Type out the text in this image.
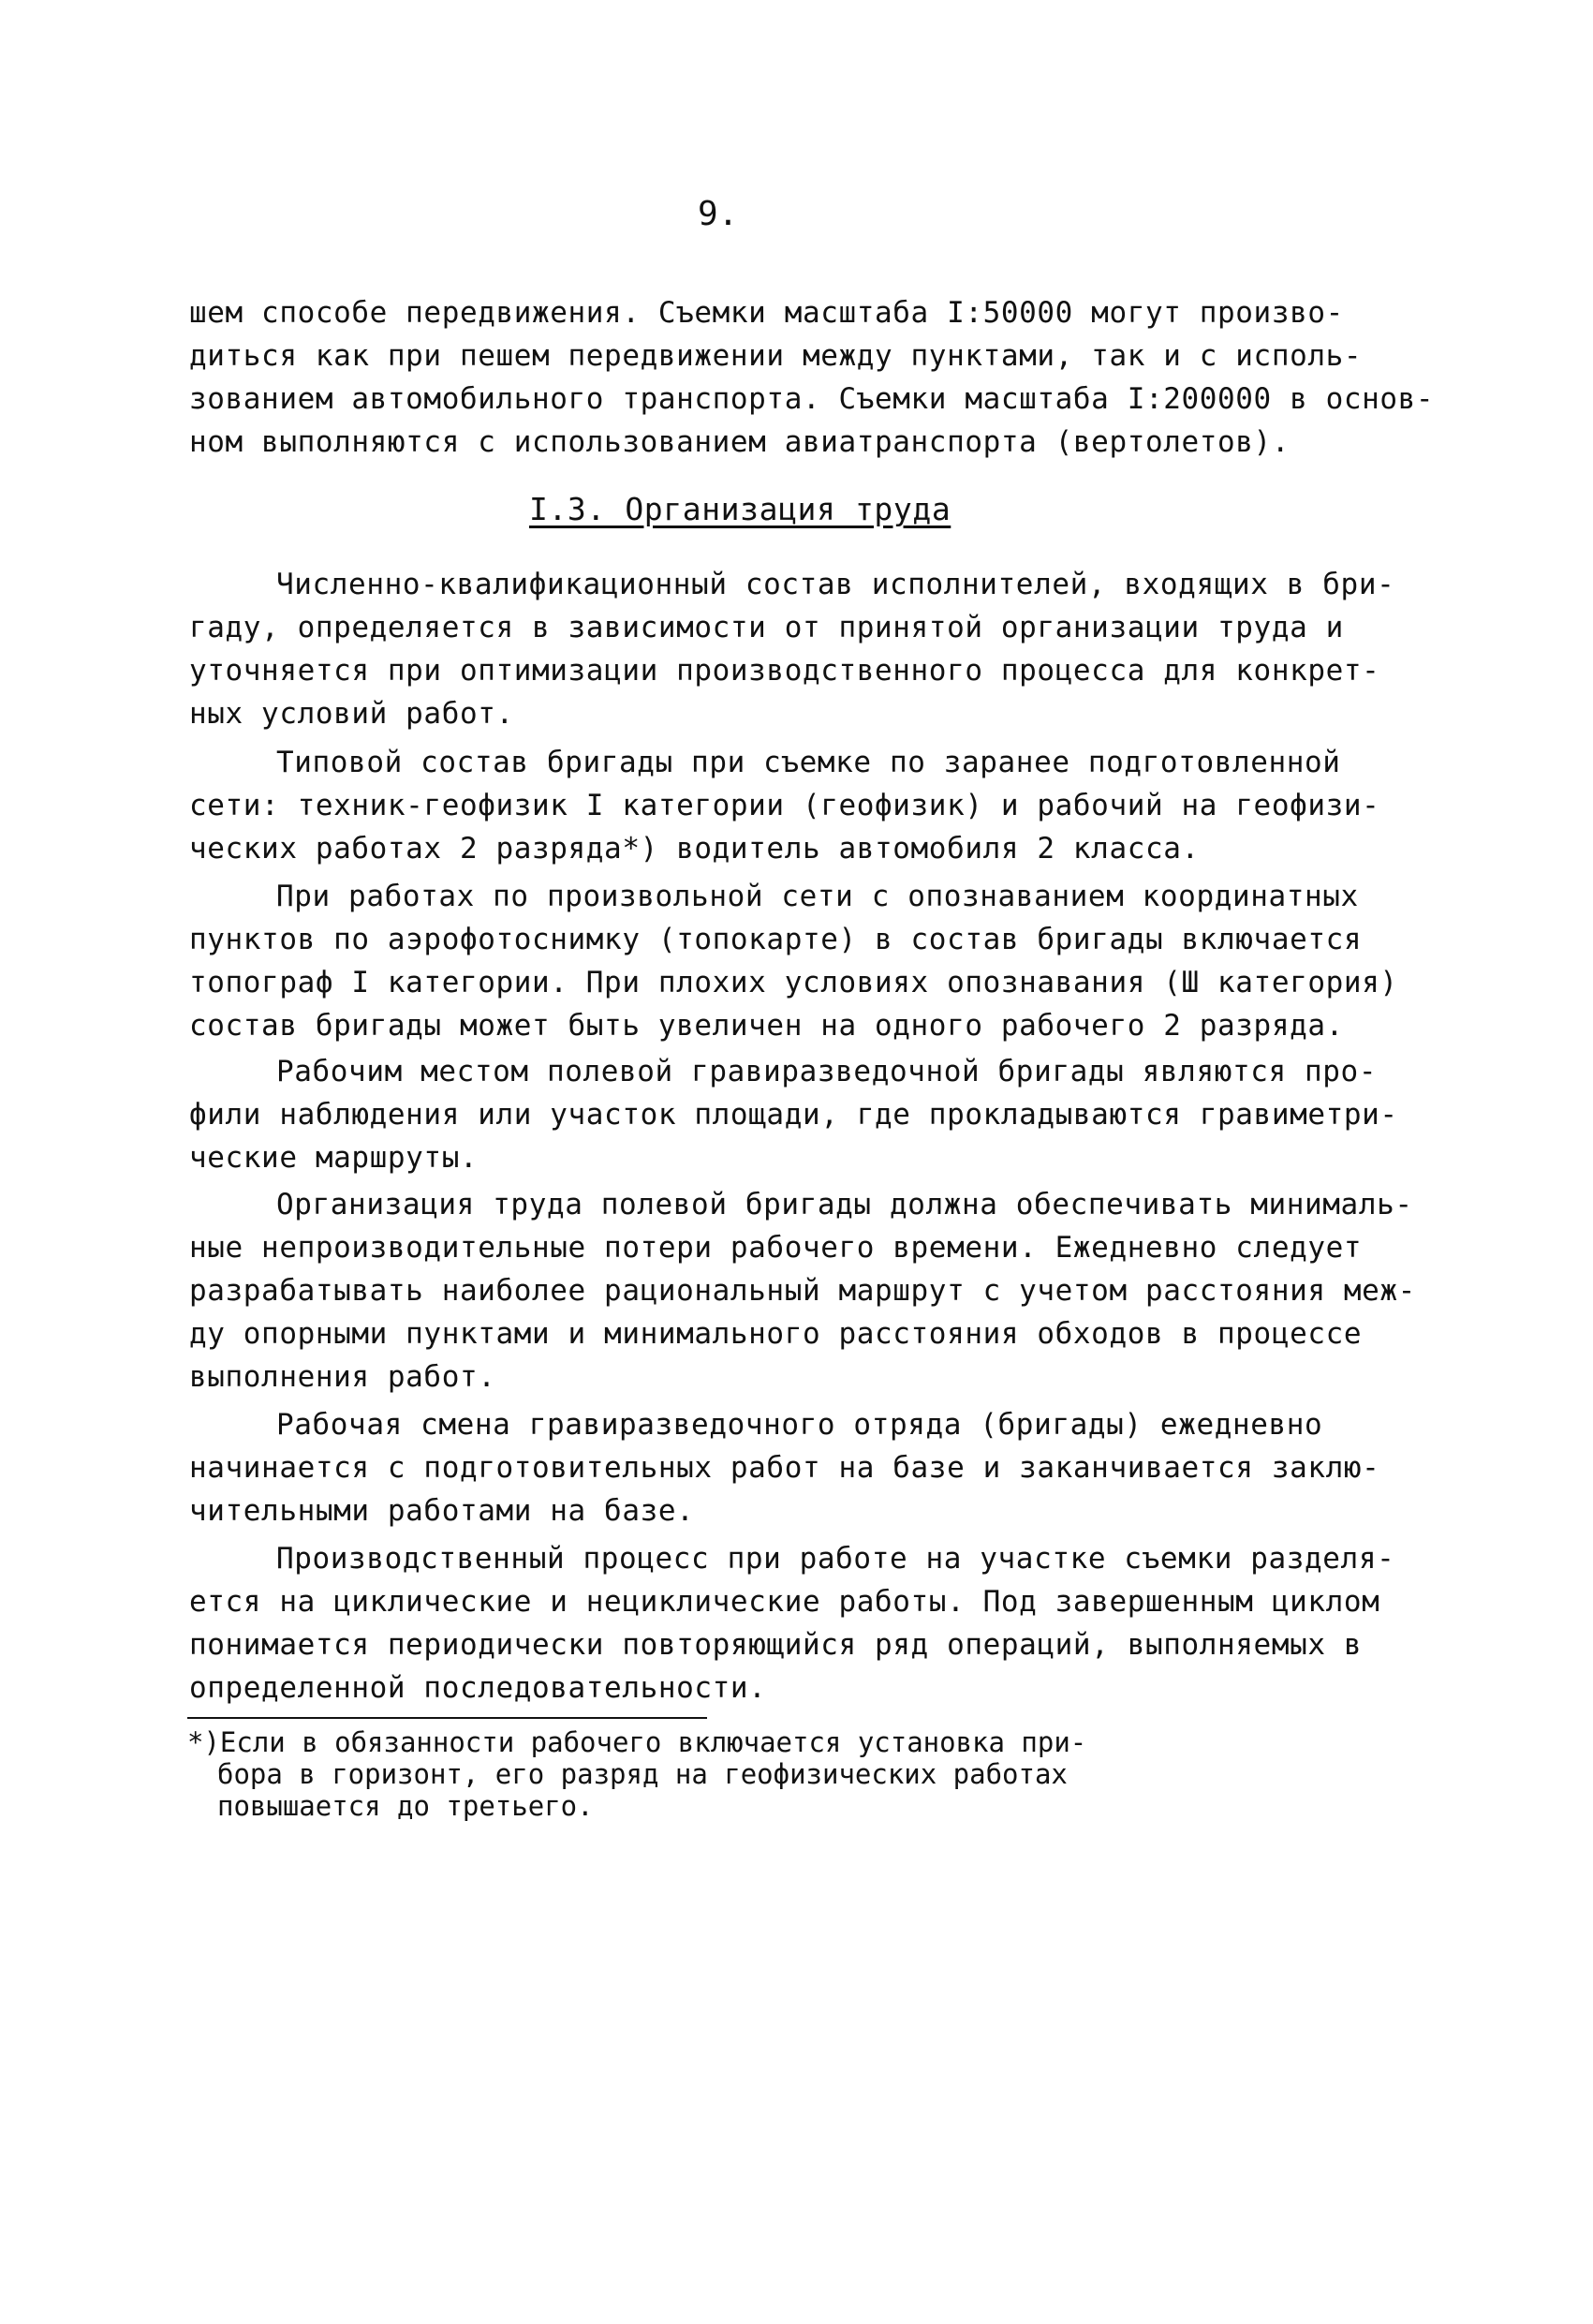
9.
шем способе передвижения. Съемки масштаба I:50000 могут произво-
диться как при пешем передвижении между пунктами, так и с исполь-
зованием автомобильного транспорта. Съемки масштаба I:200000 в основ-
ном выполняются с использованием авиатранспорта (вертолетов).
I.3. Организация труда
Численно-квалификационный состав исполнителей, входящих в бри-
гаду, определяется в зависимости от принятой организации труда и
уточняется при оптимизации производственного процесса для конкрет-
ных условий работ.
Типовой состав бригады при съемке по заранее подготовленной
сети: техник-геофизик I категории (геофизик) и рабочий на геофизи-
ческих работах 2 разряда*) водитель автомобиля 2 класса.
При работах по произвольной сети с опознаванием координатных
пунктов по аэрофотоснимку (топокарте) в состав бригады включается
топограф I категории. При плохих условиях опознавания (Ш категория)
состав бригады может быть увеличен на одного рабочего 2 разряда.
Рабочим местом полевой гравиразведочной бригады являются про-
фили наблюдения или участок площади, где прокладываются гравиметри-
ческие маршруты.
Организация труда полевой бригады должна обеспечивать минималь-
ные непроизводительные потери рабочего времени. Ежедневно следует
разрабатывать наиболее рациональный маршрут с учетом расстояния меж-
ду опорными пунктами и минимального расстояния обходов в процессе
выполнения работ.
Рабочая смена гравиразведочного отряда (бригады) ежедневно
начинается с подготовительных работ на базе и заканчивается заклю-
чительными работами на базе.
Производственный процесс при работе на участке съемки разделя-
ется на циклические и нециклические работы. Под завершенным циклом
понимается периодически повторяющийся ряд операций, выполняемых в
определенной последовательности.
*)Если в обязанности рабочего включается установка при-
бора в горизонт, его разряд на геофизических работах
повышается до третьего.
